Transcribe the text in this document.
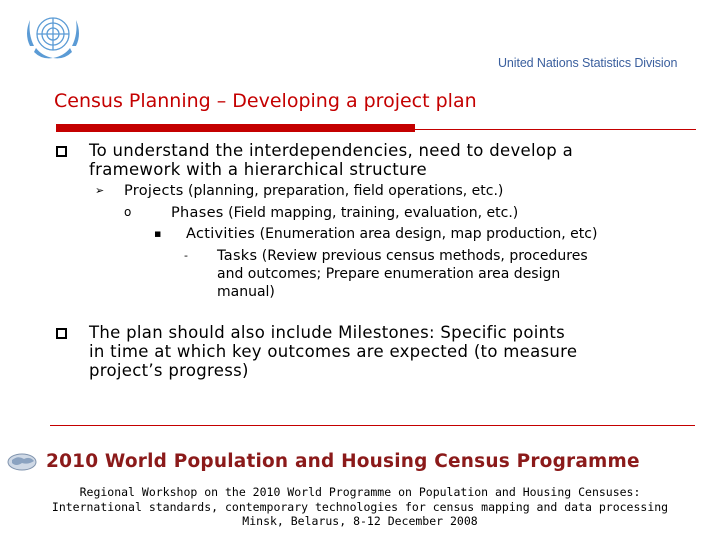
United Nations Statistics Division
Census Planning – Developing a project plan
To understand the interdependencies, need to develop a
framework with a hierarchical structure
➢ Projects (planning, preparation, field operations, etc.)
o	Phases (Field mapping, training, evaluation, etc.)
▪ Activities (Enumeration area design, map production, etc)
- Tasks (Review previous census methods, procedures
and outcomes; Prepare enumeration area design
manual)
The plan should also include Milestones: Specific points
in time at which key outcomes are expected (to measure
project’s progress)
2010 World Population and Housing Census Programme
Regional Workshop on the 2010 World Programme on Population and Housing Censuses:
International standards, contemporary technologies for census mapping and data processing
Minsk, Belarus, 8-12 December 2008
